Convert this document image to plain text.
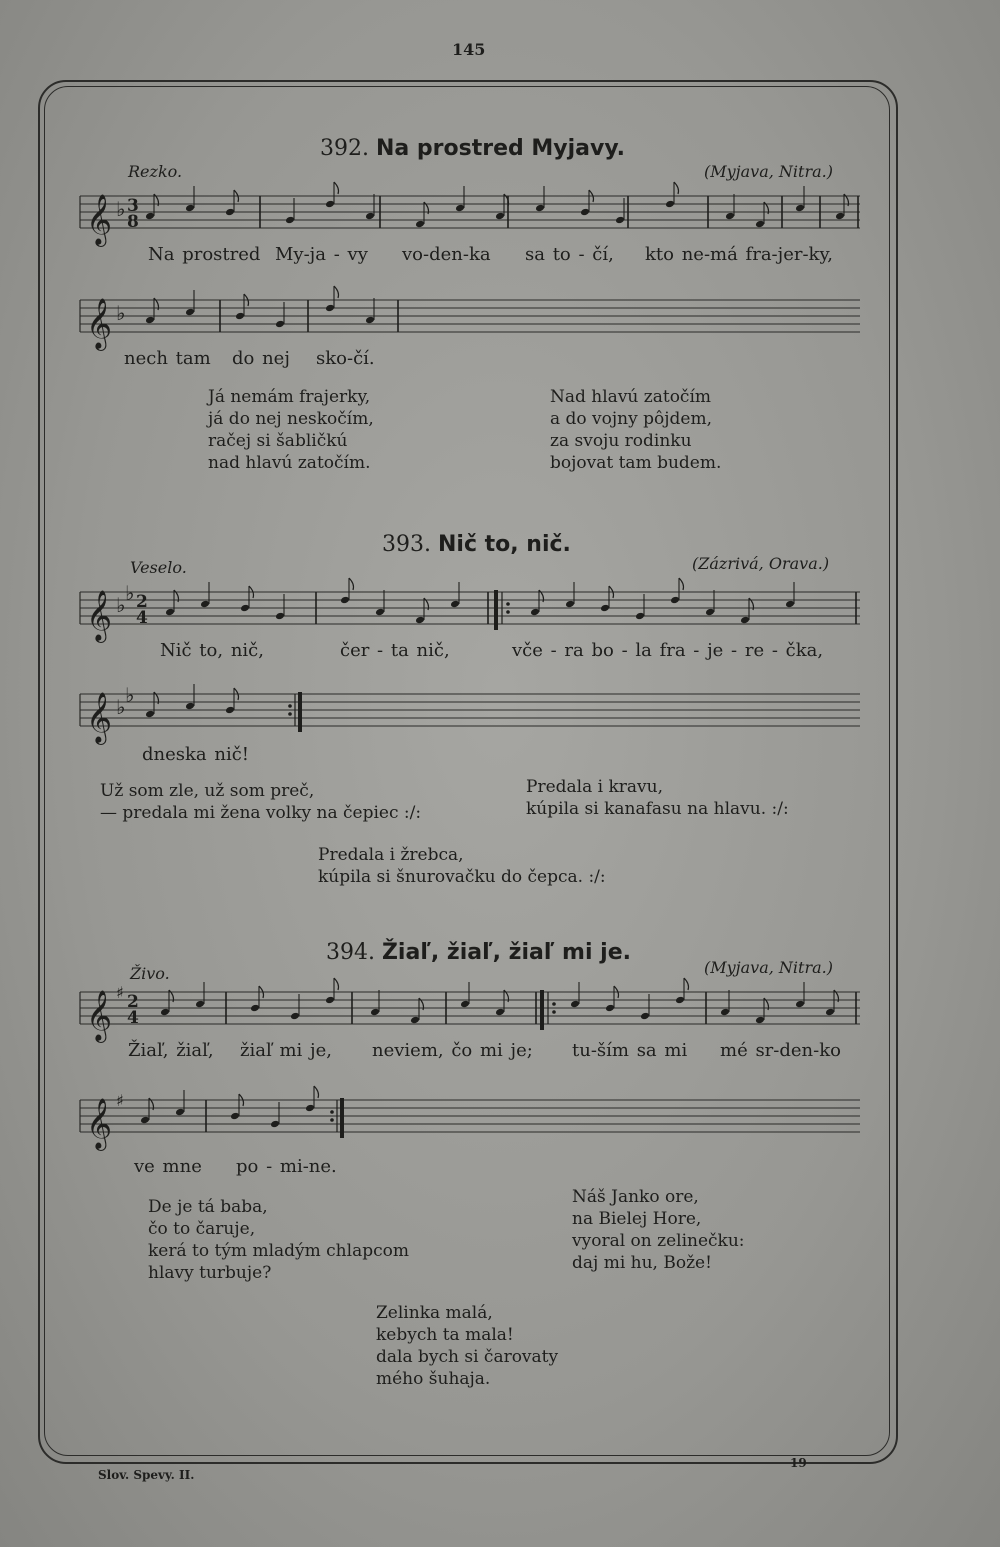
145
392. Na prostred Myjavy.
Rezko.	(Myjava, Nitra.)
𝄞 ♭ 3
8
Na prostred My-ja - vy vo-den-ka sa to - čí, kto ne-má fra-jer-ky,
𝄞 ♭
nech tam do nej sko-čí.
Já nemám frajerky,
já do nej neskočím,
račej si šabličkú
nad hlavú zatočím.
Nad hlavú zatočím
a do vojny pôjdem,
za svoju rodinku
bojovat tam budem.
393. Nič to, nič.
Veselo.	(Zázrivá, Orava.)
𝄞 ♭ ♭ 2
4
Nič to, nič,	čer - ta nič,	vče - ra bo - la fra - je - re - čka,
𝄞 ♭ ♭
dneska nič!
Už som zle, už som preč,
— predala mi žena volky na čepiec :/:
Predala i kravu,
kúpila si kanafasu na hlavu. :/:
Predala i žrebca,
kúpila si šnurovačku do čepca. :/:
394. Žiaľ, žiaľ, žiaľ mi je.
Živo.	(Myjava, Nitra.)
𝄞 ♯ 2
4
Žiaľ, žiaľ, žiaľ mi je, neviem, čo mi je; tu-ším sa mi mé sr-den-ko
𝄞 ♯
ve mne po - mi-ne.
De je tá baba,
čo to čaruje,
kerá to tým mladým chlapcom
hlavy turbuje?
Náš Janko ore,
na Bielej Hore,
vyoral on zelinečku:
daj mi hu, Bože!
Zelinka malá,
kebych ta mala!
dala bych si čarovaty
mého šuhaja.
Slov. Spevy. II.
19
